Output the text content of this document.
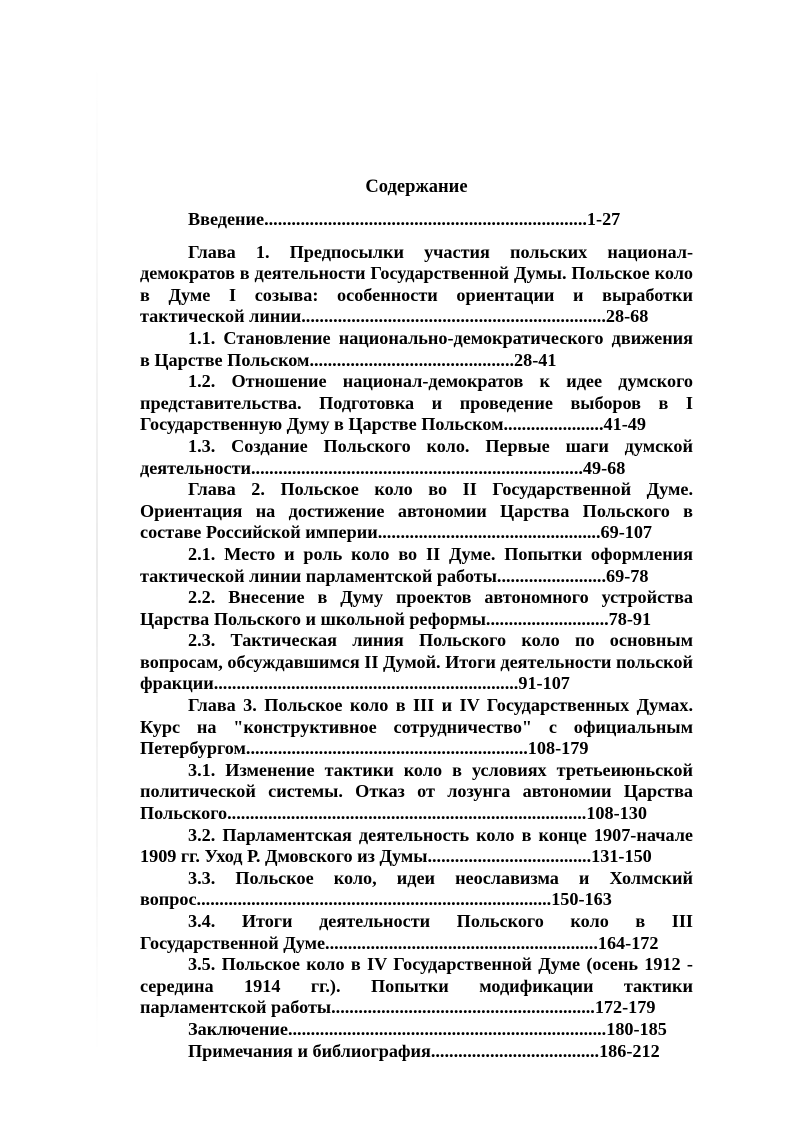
Содержание

Введение.......................................................................1-27

Глава 1. Предпосылки участия польских национал-демократов в деятельности Государственной Думы. Польское коло в Думе I созыва: особенности ориентации и выработки тактической линии...................................................................28-68

1.1. Становление национально-демократического движения в Царстве Польском.............................................28-41

1.2. Отношение национал-демократов к идее думского представительства. Подготовка и проведение выборов в I Государственную Думу в Царстве Польском......................41-49

1.3. Создание Польского коло. Первые шаги думской деятельности.........................................................................49-68

Глава 2. Польское коло во II Государственной Думе. Ориентация на достижение автономии Царства Польского в составе Российской империи.................................................69-107

2.1. Место и роль коло во II Думе. Попытки оформления тактической линии парламентской работы........................69-78

2.2. Внесение в Думу проектов автономного устройства Царства Польского и школьной реформы...........................78-91

2.3. Тактическая линия Польского коло по основным вопросам, обсуждавшимся II Думой. Итоги деятельности польской фракции...................................................................91-107

Глава 3. Польское коло в III и IV Государственных Думах. Курс на "конструктивное сотрудничество" с официальным Петербургом..............................................................108-179

3.1. Изменение тактики коло в условиях третьеиюньской политической системы. Отказ от лозунга автономии Царства Польского...............................................................................108-130

3.2. Парламентская деятельность коло в конце 1907-начале 1909 гг. Уход Р. Дмовского из Думы....................................131-150

3.3. Польское коло, идеи неославизма и Холмский вопрос..............................................................................150-163

3.4. Итоги деятельности Польского коло в III Государственной Думе............................................................164-172

3.5. Польское коло в IV Государственной Думе (осень 1912 - середина 1914 гг.). Попытки модификации тактики парламентской работы..........................................................172-179

Заключение......................................................................180-185

Примечания и библиография.....................................186-212
